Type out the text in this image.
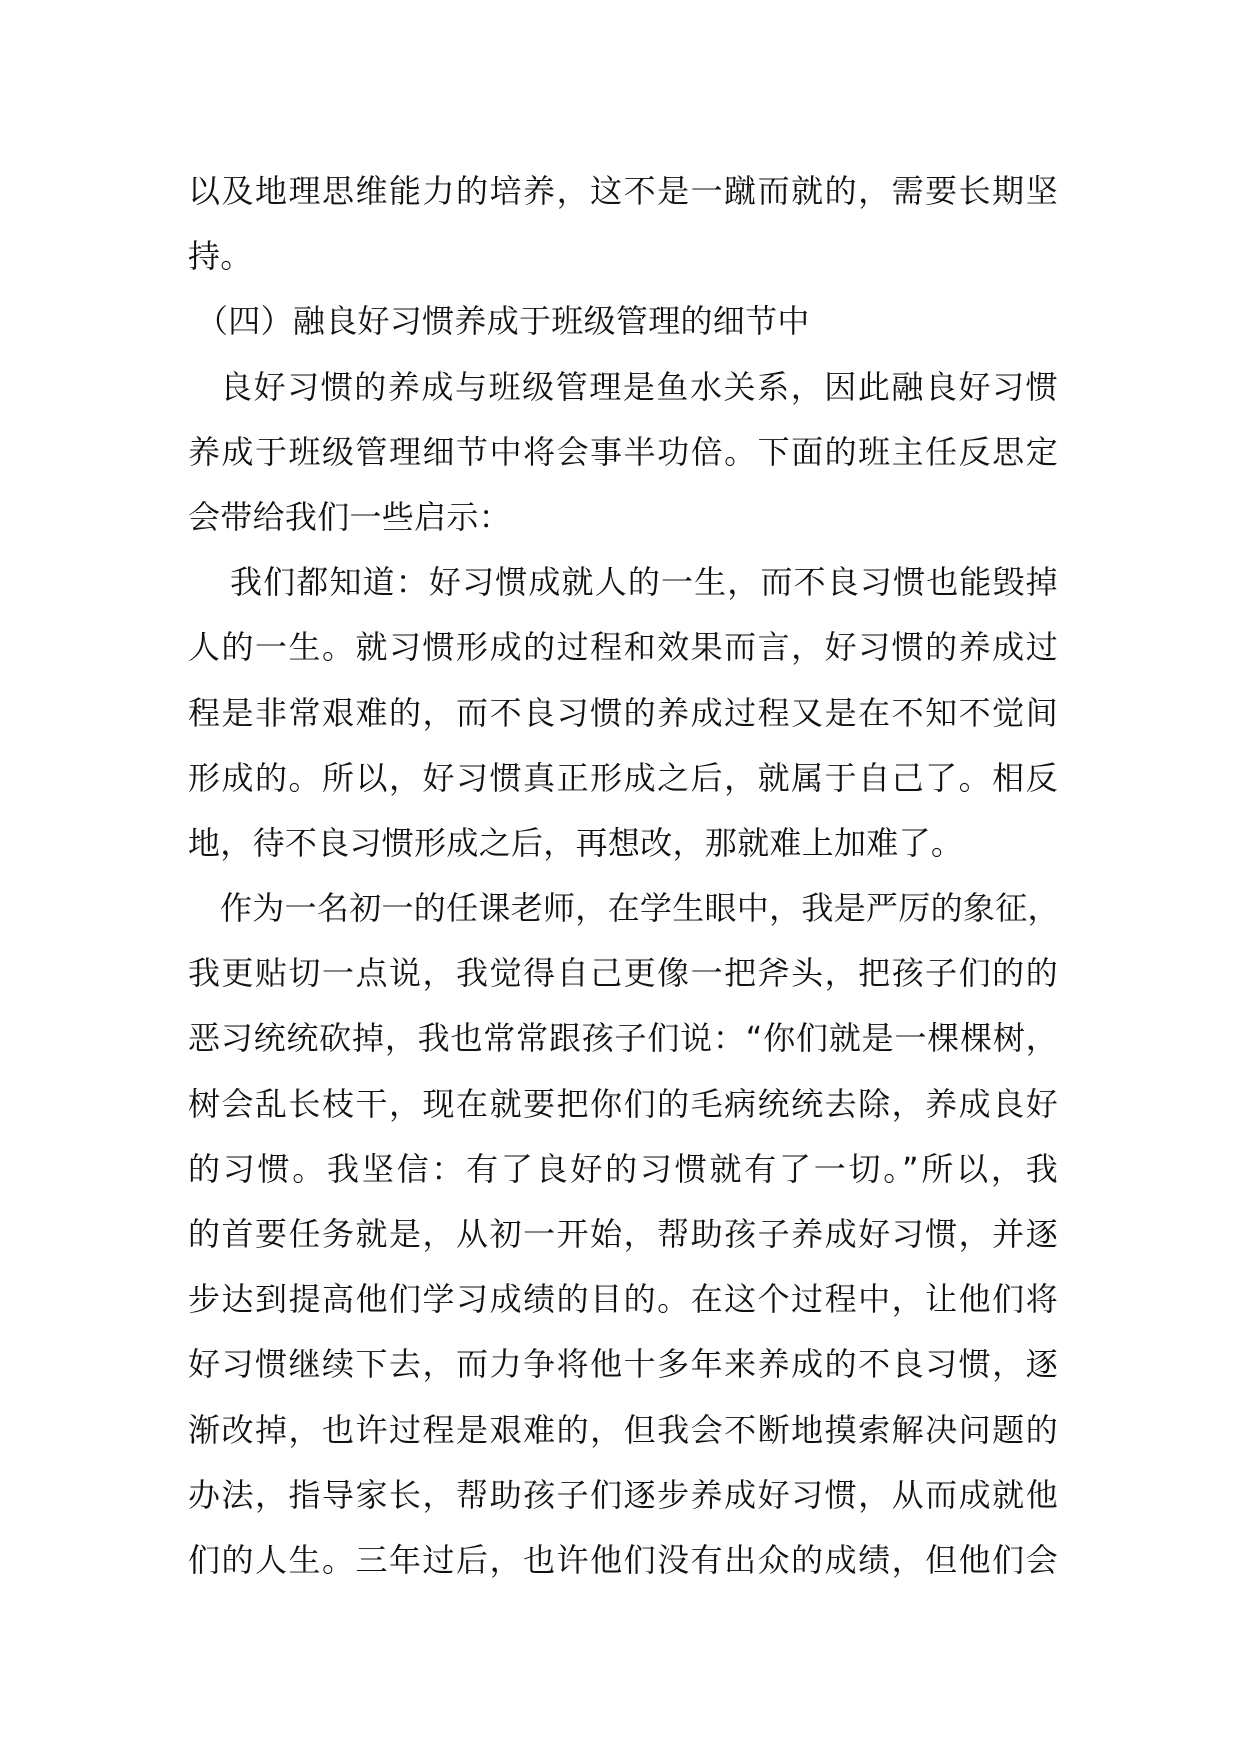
以及地理思维能力的培养，这不是一蹴而就的，需要长期坚
持。
（四）融良好习惯养成于班级管理的细节中
良好习惯的养成与班级管理是鱼水关系，因此融良好习惯
养成于班级管理细节中将会事半功倍。下面的班主任反思定
会带给我们一些启示：
我们都知道：好习惯成就人的一生，而不良习惯也能毁掉
人的一生。就习惯形成的过程和效果而言，好习惯的养成过
程是非常艰难的，而不良习惯的养成过程又是在不知不觉间
形成的。所以，好习惯真正形成之后，就属于自己了。相反
地，待不良习惯形成之后，再想改，那就难上加难了。
作为一名初一的任课老师，在学生眼中，我是严厉的象征，
我更贴切一点说，我觉得自己更像一把斧头，把孩子们的的
恶习统统砍掉，我也常常跟孩子们说：“你们就是一棵棵树，
树会乱长枝干，现在就要把你们的毛病统统去除，养成良好
的习惯。我坚信：有了良好的习惯就有了一切。”所以，我
的首要任务就是，从初一开始，帮助孩子养成好习惯，并逐
步达到提高他们学习成绩的目的。在这个过程中，让他们将
好习惯继续下去，而力争将他十多年来养成的不良习惯，逐
渐改掉，也许过程是艰难的，但我会不断地摸索解决问题的
办法，指导家长，帮助孩子们逐步养成好习惯，从而成就他
们的人生。三年过后，也许他们没有出众的成绩，但他们会
